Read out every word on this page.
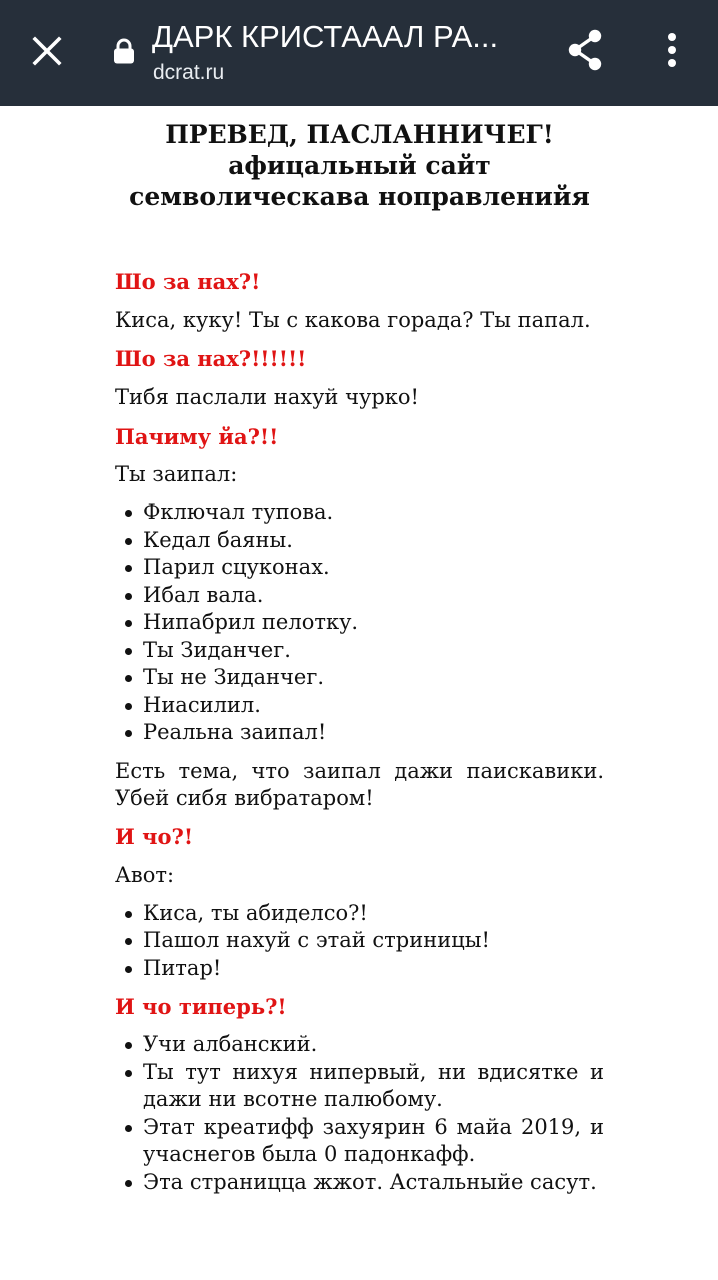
ДАРК КРИСТАААЛ РА...
dcrat.ru
ПРЕВЕД, ПАСЛАННИЧЕГ!
афицальный сайт
семволическава ноправленийя
Шо за нах?!

Киса, куку! Ты с какова горада? Ты папал.

Шо за нах?!!!!!!

Тибя паслали нахуй чурко!

Пачиму йа?!!

Ты заипал:

Фключал тупова.
Кедал баяны.
Парил сцуконах.
Ибал вала.
Нипабрил пелотку.
Ты Зиданчег.
Ты не Зиданчег.
Ниасилил.
Реальна заипал!

Есть тема, что заипал дажи паискавики. Убей сибя вибратаром!

И чо?!

Авот:

Киса, ты абиделсо?!
Пашол нахуй с этай стриницы!
Питар!
И чо типерь?!
Учи албанский.
Ты тут нихуя нипервый, ни вдисятке и дажи ни всотне палюбому.
Этат креатифф захуярин 6 майа 2019, и учаснегов была 0 падонкафф.
Эта страницца жжот. Астальныйе сасут.
